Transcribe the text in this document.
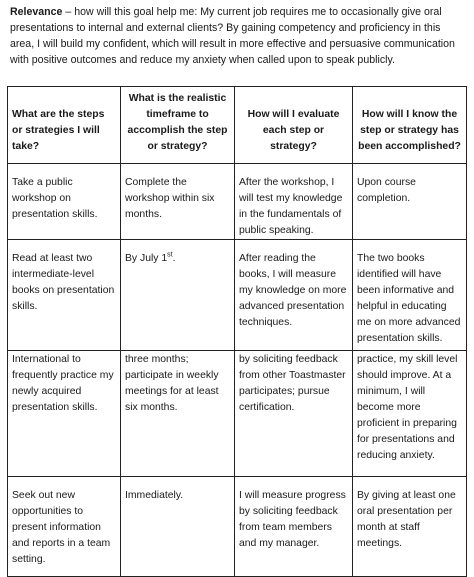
Relevance – how will this goal help me: My current job requires me to occasionally give oral presentations to internal and external clients? By gaining competency and proficiency in this area, I will build my confident, which will result in more effective and persuasive communication with positive outcomes and reduce my anxiety when called upon to speak publicly.

What are the steps or strategies I will take?	What is the realistic timeframe to accomplish the step or strategy?	How will I evaluate each step or strategy?	How will I know the step or strategy has been accomplished?

Take a public workshop on presentation skills.	Complete the workshop within six months.	After the workshop, I will test my knowledge in the fundamentals of public speaking.	Upon course completion.

Read at least two intermediate-level books on presentation skills.	By July 1st.	After reading the books, I will measure my knowledge on more advanced presentation techniques.	The two books identified will have been informative and helpful in educating me on more advanced presentation skills.

International to frequently practice my newly acquired presentation skills.	three months; participate in weekly meetings for at least six months.	by soliciting feedback from other Toastmaster participates; pursue certification.	practice, my skill level should improve. At a minimum, I will become more proficient in preparing for presentations and reducing anxiety.

Seek out new opportunities to present information and reports in a team setting.	Immediately.	I will measure progress by soliciting feedback from team members and my manager.	By giving at least one oral presentation per month at staff meetings.
